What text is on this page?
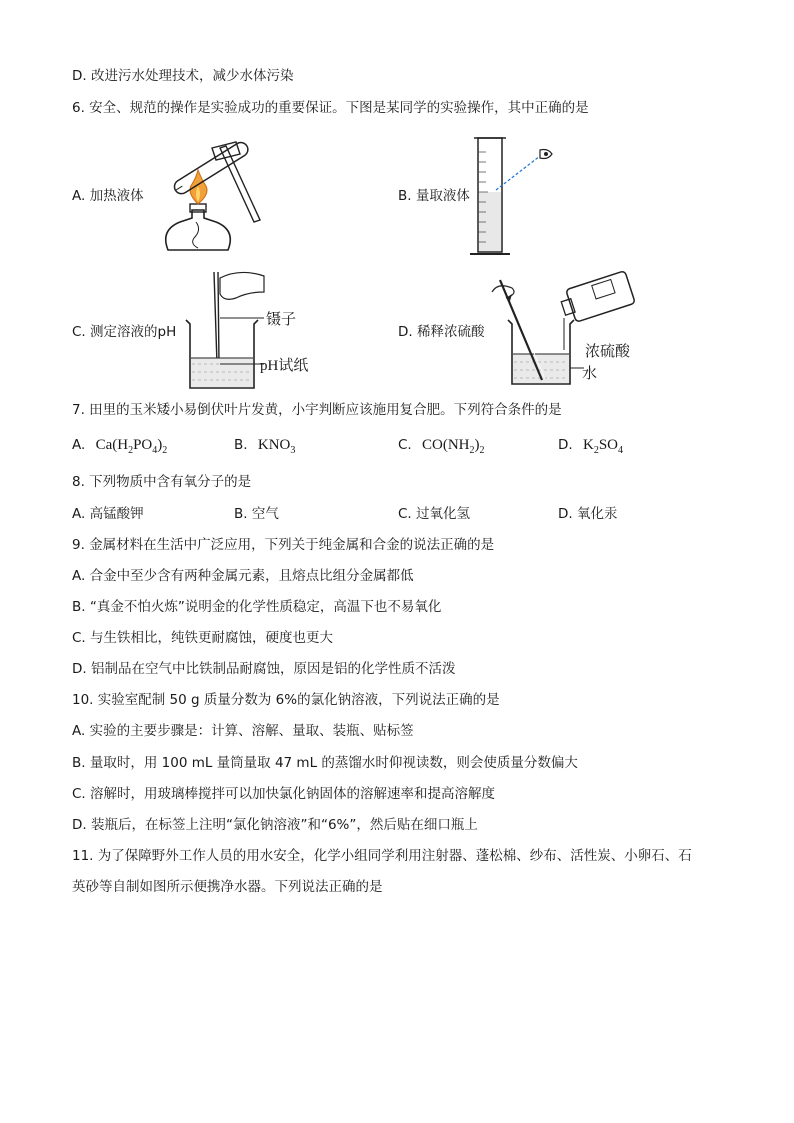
D. 改进污水处理技术，减少水体污染
6. 安全、规范的操作是实验成功的重要保证。下图是某同学的实验操作，其中正确的是
A. 加热液体	B. 量取液体
C. 测定溶液的pH
镊子
pH试纸
D. 稀释浓硫酸
浓硫酸
水
7. 田里的玉米矮小易倒伏叶片发黄，小宇判断应该施用复合肥。下列符合条件的是
A. $Ca(H_2PO_4)_2$	B. $KNO_3$	C. $CO(NH_2)_2$	D. $K_2SO_4$
8. 下列物质中含有氧分子的是
A. 高锰酸钾	B. 空气	C. 过氧化氢	D. 氧化汞
9. 金属材料在生活中广泛应用，下列关于纯金属和合金的说法正确的是
A. 合金中至少含有两种金属元素，且熔点比组分金属都低
B. “真金不怕火炼”说明金的化学性质稳定，高温下也不易氧化
C. 与生铁相比，纯铁更耐腐蚀，硬度也更大
D. 铝制品在空气中比铁制品耐腐蚀，原因是铝的化学性质不活泼
10. 实验室配制 50 g 质量分数为 6%的氯化钠溶液，下列说法正确的是
A. 实验的主要步骤是：计算、溶解、量取、装瓶、贴标签
B. 量取时，用 100 mL 量筒量取 47 mL 的蒸馏水时仰视读数，则会使质量分数偏大
C. 溶解时，用玻璃棒搅拌可以加快氯化钠固体的溶解速率和提高溶解度
D. 装瓶后，在标签上注明“氯化钠溶液”和“6%”，然后贴在细口瓶上
11. 为了保障野外工作人员的用水安全，化学小组同学利用注射器、蓬松棉、纱布、活性炭、小卵石、石
英砂等自制如图所示便携净水器。下列说法正确的是
